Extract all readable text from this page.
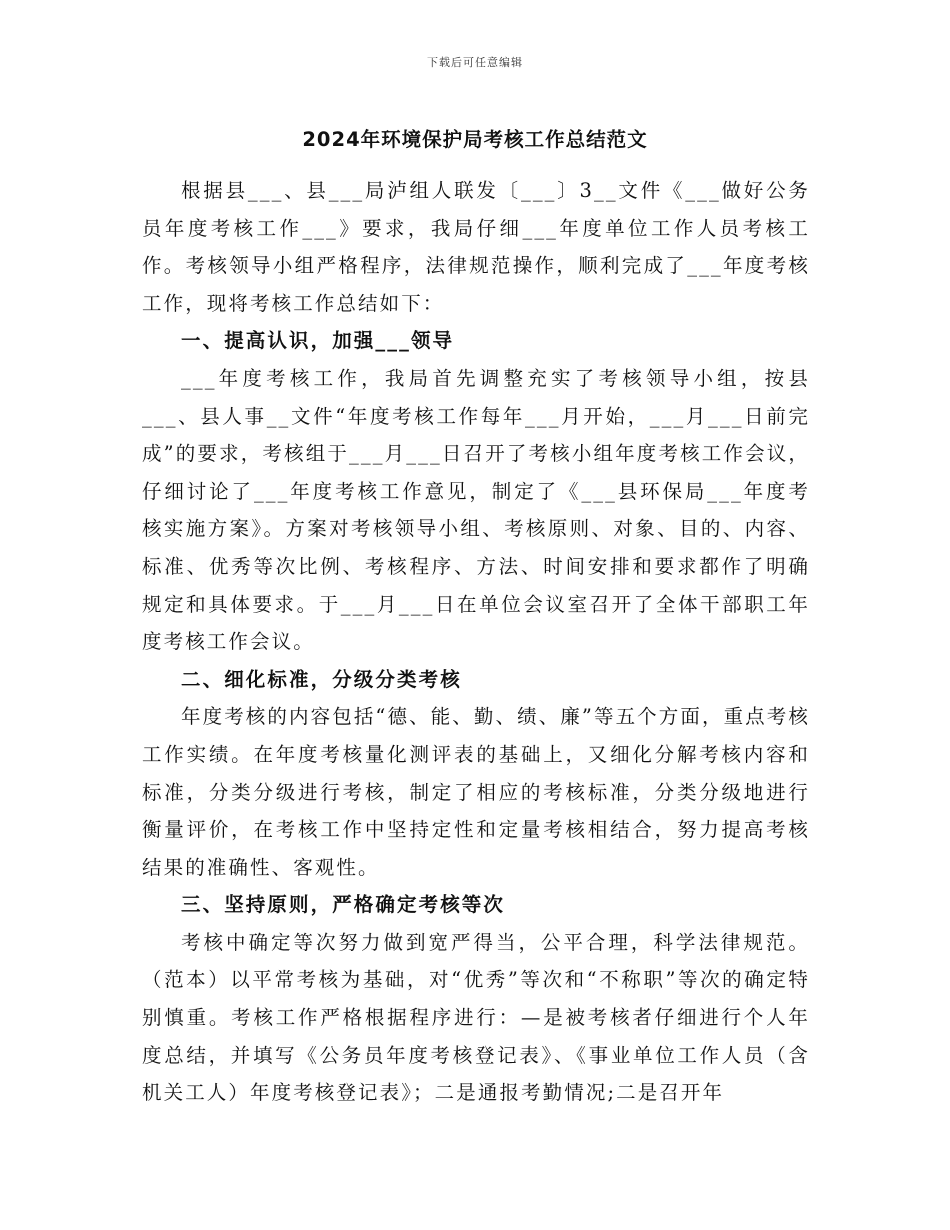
下载后可任意编辑
2024年环境保护局考核工作总结范文

根据县___、县___局泸组人联发〔___〕3__文件《___做好公务员年度考核工作___》要求，我局仔细___年度单位工作人员考核工作。考核领导小组严格程序，法律规范操作，顺利完成了___年度考核工作，现将考核工作总结如下：

一、提高认识，加强___领导

___年度考核工作，我局首先调整充实了考核领导小组，按县___、县人事__文件“年度考核工作每年___月开始，___月___日前完成”的要求，考核组于___月___日召开了考核小组年度考核工作会议，仔细讨论了___年度考核工作意见，制定了《___县环保局___年度考核实施方案》。方案对考核领导小组、考核原则、对象、目的、内容、标准、优秀等次比例、考核程序、方法、时间安排和要求都作了明确规定和具体要求。于___月___日在单位会议室召开了全体干部职工年度考核工作会议。

二、细化标准，分级分类考核

年度考核的内容包括“德、能、勤、绩、廉”等五个方面，重点考核工作实绩。在年度考核量化测评表的基础上，又细化分解考核内容和标准，分类分级进行考核，制定了相应的考核标准，分类分级地进行衡量评价，在考核工作中坚持定性和定量考核相结合，努力提高考核结果的准确性、客观性。

三、坚持原则，严格确定考核等次

考核中确定等次努力做到宽严得当，公平合理，科学法律规范。（范本）以平常考核为基础，对“优秀”等次和“不称职”等次的确定特别慎重。考核工作严格根据程序进行：—是被考核者仔细进行个人年度总结，并填写《公务员年度考核登记表》、《事业单位工作人员（含机关工人）年度考核登记表》；二是通报考勤情况;二是召开年
